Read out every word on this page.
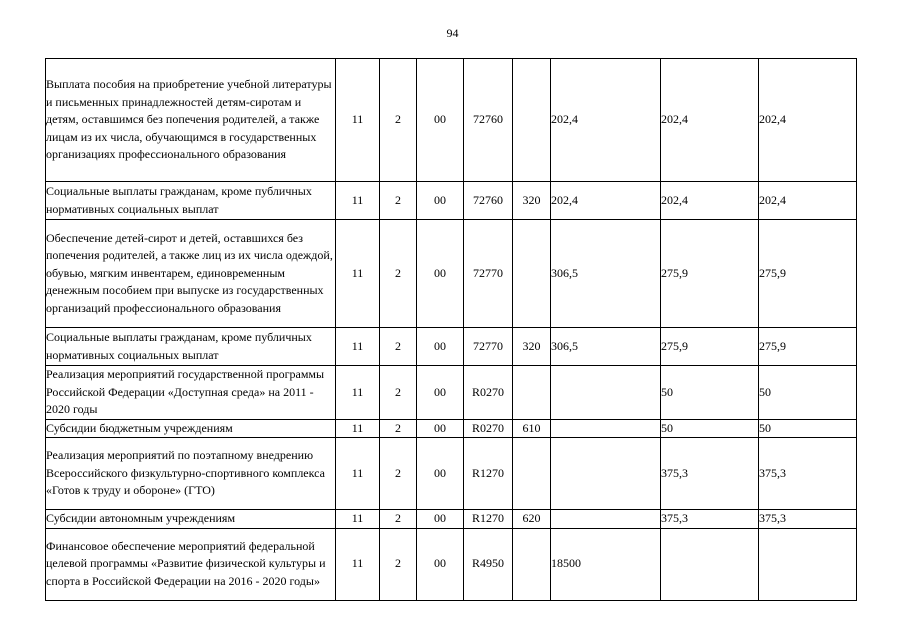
94
Выплата пособия на приобретение учебной литературы и письменных принадлежностей детям-сиротам и детям, оставшимся без попечения родителей, а также лицам из их числа, обучающимся в государственных организациях профессионального образования	11	2	00	72760		202,4	202,4	202,4
Социальные выплаты гражданам, кроме публичных нормативных социальных выплат	11	2	00	72760	320	202,4	202,4	202,4
Обеспечение детей-сирот и детей, оставшихся без попечения родителей, а также лиц из их числа одеждой, обувью, мягким инвентарем, единовременным денежным пособием при выпуске из государственных организаций профессионального образования	11	2	00	72770		306,5	275,9	275,9
Социальные выплаты гражданам, кроме публичных нормативных социальных выплат	11	2	00	72770	320	306,5	275,9	275,9
Реализация мероприятий государственной программы Российской Федерации «Доступная среда» на 2011 - 2020 годы	11	2	00	R0270			50	50
Субсидии бюджетным учреждениям	11	2	00	R0270	610		50	50
Реализация мероприятий по поэтапному внедрению Всероссийского физкультурно-спортивного комплекса «Готов к труду и обороне» (ГТО)	11	2	00	R1270			375,3	375,3
Субсидии автономным учреждениям	11	2	00	R1270	620		375,3	375,3
Финансовое обеспечение мероприятий федеральной целевой программы «Развитие физической культуры и спорта в Российской Федерации на 2016 - 2020 годы»	11	2	00	R4950		18500		
